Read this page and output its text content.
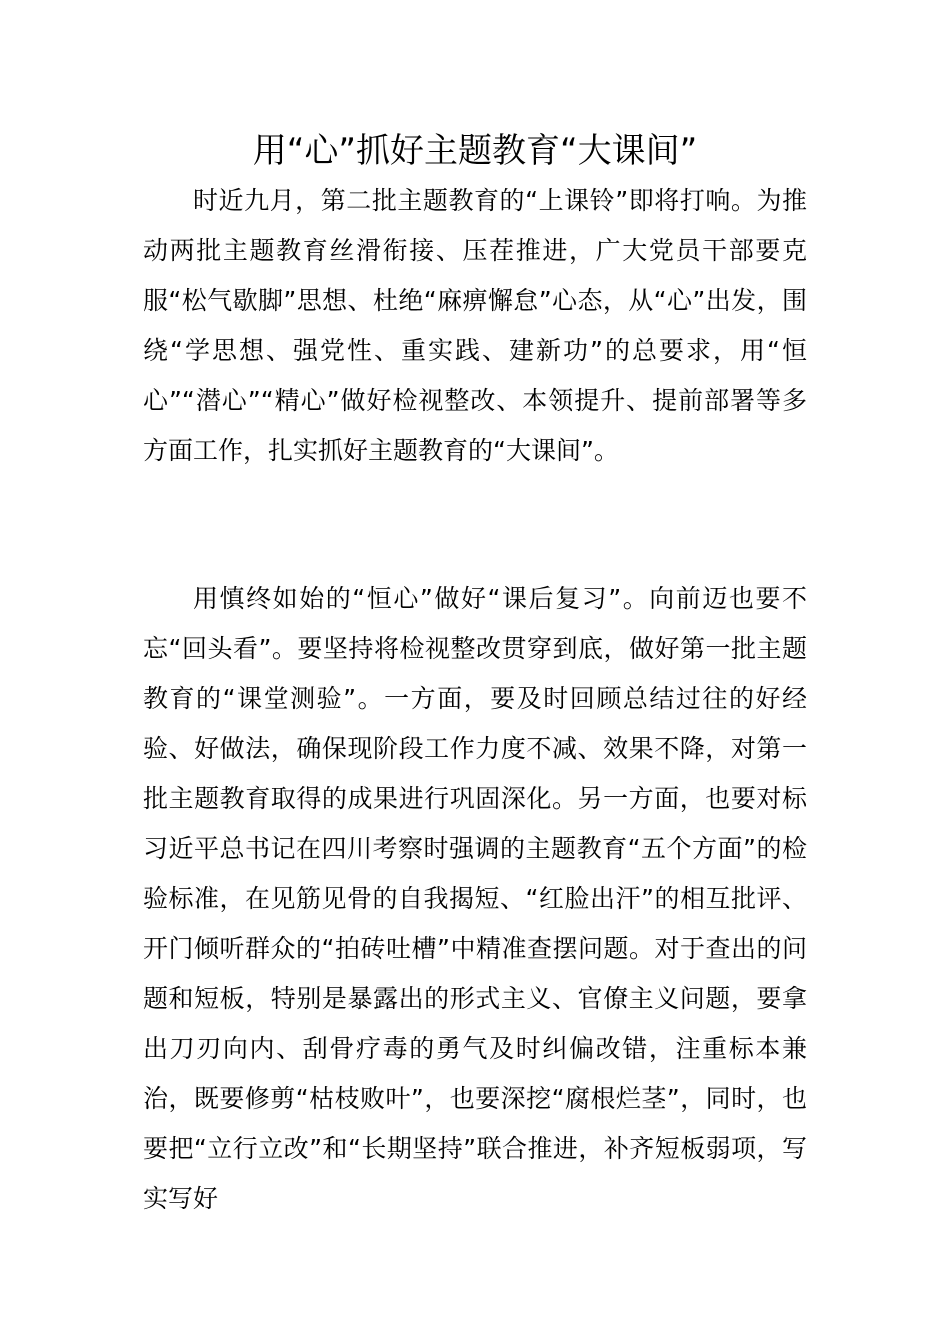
用“心”抓好主题教育“大课间”

时近九月，第二批主题教育的“上课铃”即将打响。为推动两批主题教育丝滑衔接、压茬推进，广大党员干部要克服“松气歇脚”思想、杜绝“麻痹懈怠”心态，从“心”出发，围绕“学思想、强党性、重实践、建新功”的总要求，用“恒心”“潜心”“精心”做好检视整改、本领提升、提前部署等多方面工作，扎实抓好主题教育的“大课间”。

用慎终如始的“恒心”做好“课后复习”。向前迈也要不忘“回头看”。要坚持将检视整改贯穿到底，做好第一批主题教育的“课堂测验”。一方面，要及时回顾总结过往的好经验、好做法，确保现阶段工作力度不减、效果不降，对第一批主题教育取得的成果进行巩固深化。另一方面，也要对标习近平总书记在四川考察时强调的主题教育“五个方面”的检验标准，在见筋见骨的自我揭短、“红脸出汗”的相互批评、开门倾听群众的“拍砖吐槽”中精准查摆问题。对于查出的问题和短板，特别是暴露出的形式主义、官僚主义问题，要拿出刀刃向内、刮骨疗毒的勇气及时纠偏改错，注重标本兼治，既要修剪“枯枝败叶”，也要深挖“腐根烂茎”，同时，也要把“立行立改”和“长期坚持”联合推进，补齐短板弱项，写实写好
